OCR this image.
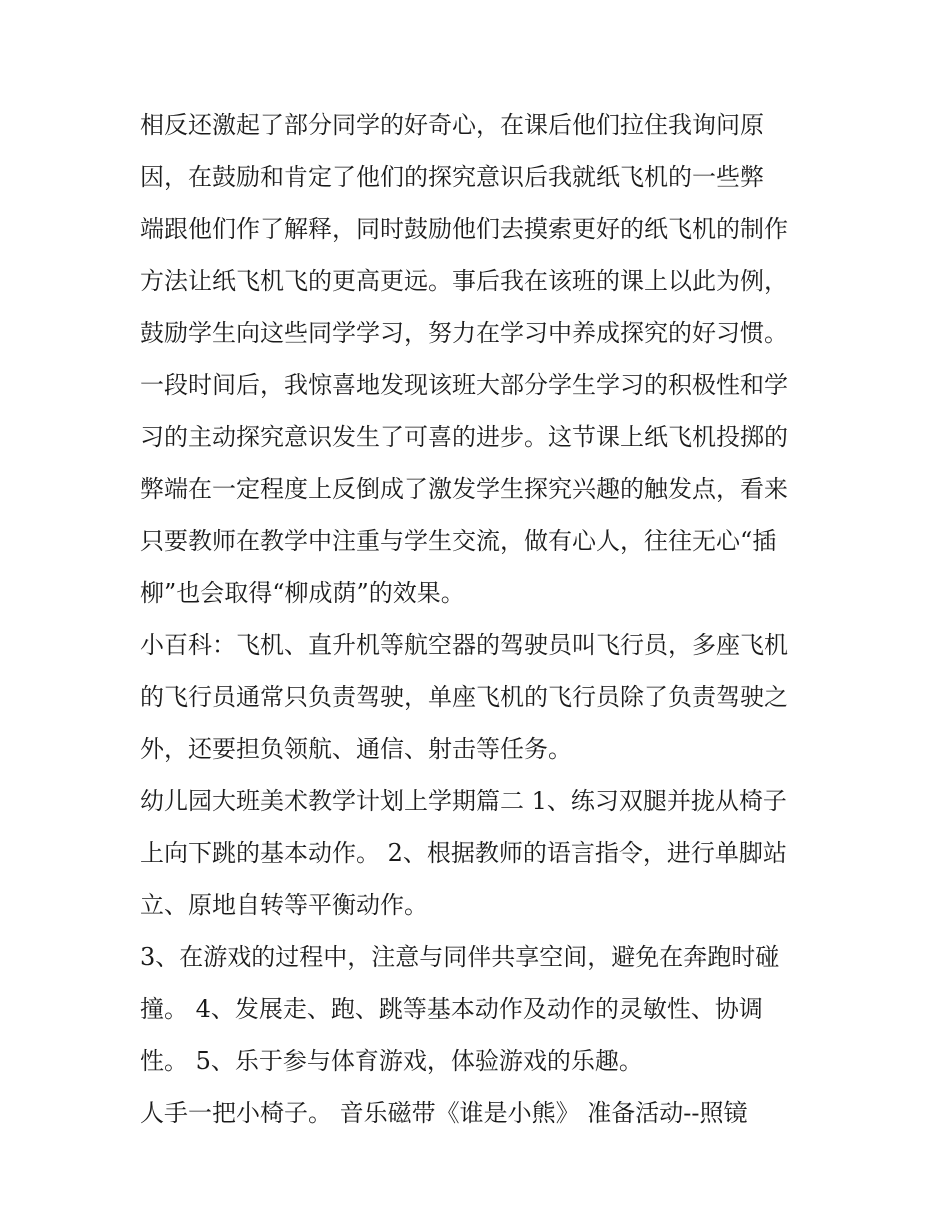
相反还激起了部分同学的好奇心，在课后他们拉住我询问原
因，在鼓励和肯定了他们的探究意识后我就纸飞机的一些弊
端跟他们作了解释，同时鼓励他们去摸索更好的纸飞机的制作
方法让纸飞机飞的更高更远。事后我在该班的课上以此为例，
鼓励学生向这些同学学习，努力在学习中养成探究的好习惯。
一段时间后，我惊喜地发现该班大部分学生学习的积极性和学
习的主动探究意识发生了可喜的进步。这节课上纸飞机投掷的
弊端在一定程度上反倒成了激发学生探究兴趣的触发点，看来
只要教师在教学中注重与学生交流，做有心人，往往无心“插
柳”也会取得“柳成荫”的效果。
小百科：飞机、直升机等航空器的驾驶员叫飞行员，多座飞机
的飞行员通常只负责驾驶，单座飞机的飞行员除了负责驾驶之
外，还要担负领航、通信、射击等任务。
幼儿园大班美术教学计划上学期篇二 1、练习双腿并拢从椅子
上向下跳的基本动作。 2、根据教师的语言指令，进行单脚站
立、原地自转等平衡动作。
3、在游戏的过程中，注意与同伴共享空间，避免在奔跑时碰
撞。 4、发展走、跑、跳等基本动作及动作的灵敏性、协调
性。 5、乐于参与体育游戏，体验游戏的乐趣。
人手一把小椅子。 音乐磁带《谁是小熊》 准备活动--照镜
